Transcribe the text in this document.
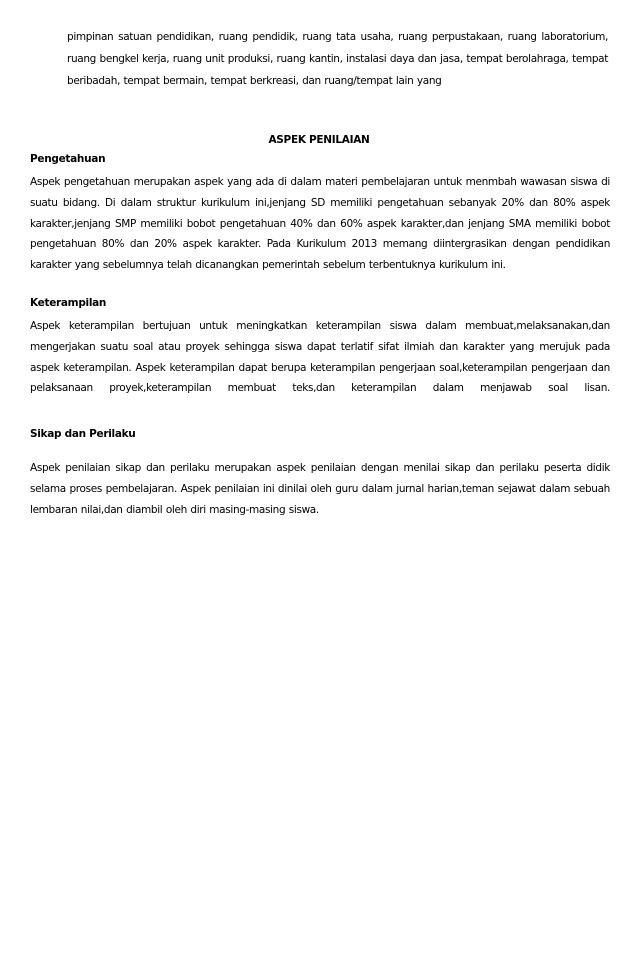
pimpinan satuan pendidikan, ruang pendidik, ruang tata usaha, ruang perpustakaan, ruang laboratorium, ruang bengkel kerja, ruang unit produksi, ruang kantin, instalasi daya dan jasa, tempat berolahraga, tempat beribadah, tempat bermain, tempat berkreasi, dan ruang/tempat lain yang

ASPEK PENILAIAN
Pengetahuan

Aspek pengetahuan merupakan aspek yang ada di dalam materi pembelajaran untuk menmbah wawasan siswa di suatu bidang. Di dalam struktur kurikulum ini,jenjang SD memiliki pengetahuan sebanyak 20% dan 80% aspek karakter,jenjang SMP memiliki bobot pengetahuan 40% dan 60% aspek karakter,dan jenjang SMA memiliki bobot pengetahuan 80% dan 20% aspek karakter. Pada Kurikulum 2013 memang diintergrasikan dengan pendidikan karakter yang sebelumnya telah dicanangkan pemerintah sebelum terbentuknya kurikulum ini.

Keterampilan

Aspek keterampilan bertujuan untuk meningkatkan keterampilan siswa dalam membuat,melaksanakan,dan mengerjakan suatu soal atau proyek sehingga siswa dapat terlatif sifat ilmiah dan karakter yang merujuk pada aspek keterampilan. Aspek keterampilan dapat berupa keterampilan pengerjaan soal,keterampilan pengerjaan dan pelaksanaan proyek,keterampilan membuat teks,dan keterampilan dalam menjawab soal lisan.

Sikap dan Perilaku

Aspek penilaian sikap dan perilaku merupakan aspek penilaian dengan menilai sikap dan perilaku peserta didik selama proses pembelajaran. Aspek penilaian ini dinilai oleh guru dalam jurnal harian,teman sejawat dalam sebuah lembaran nilai,dan diambil oleh diri masing-masing siswa.
